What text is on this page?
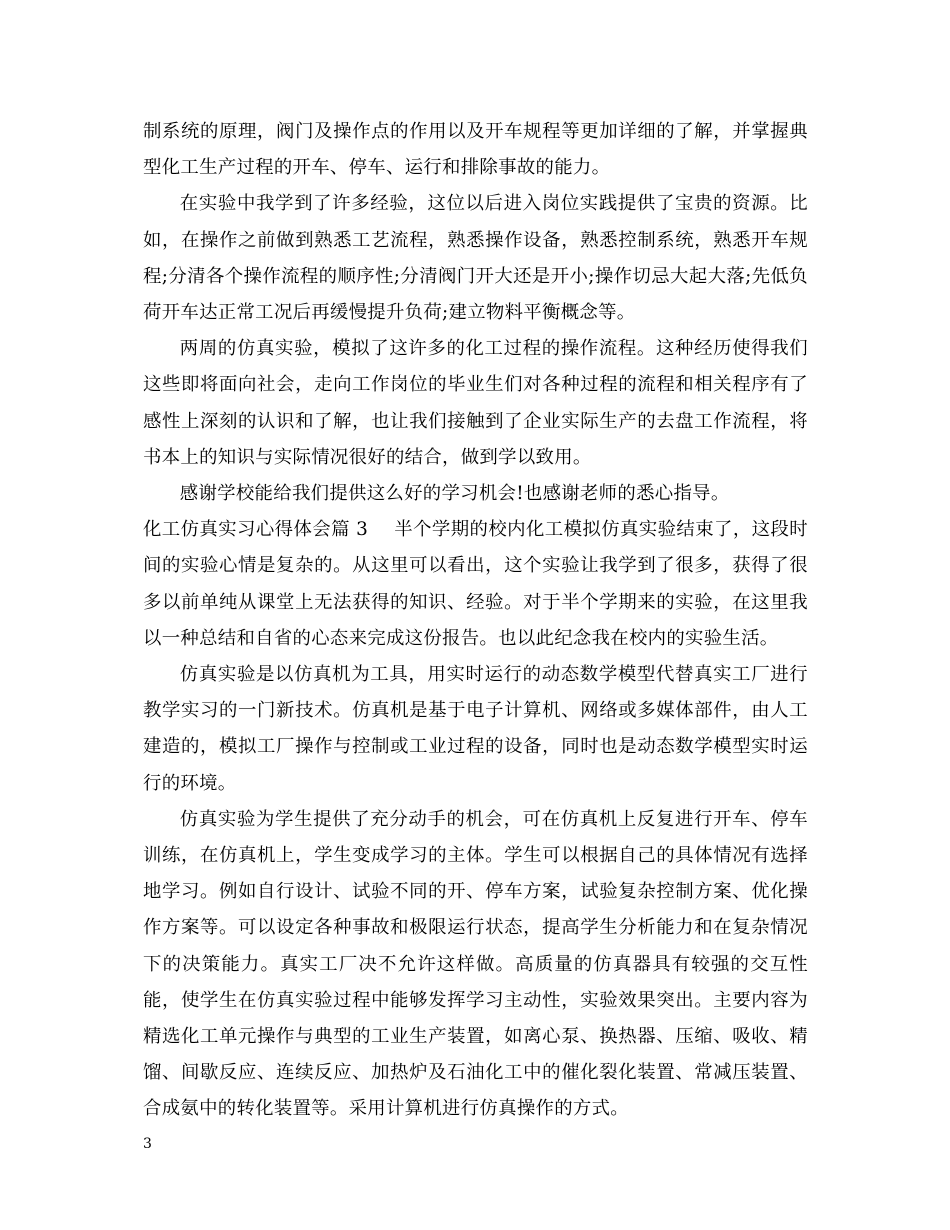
制系统的原理，阀门及操作点的作用以及开车规程等更加详细的了解，并掌握典型化工生产过程的开车、停车、运行和排除事故的能力。

在实验中我学到了许多经验，这位以后进入岗位实践提供了宝贵的资源。比如，在操作之前做到熟悉工艺流程，熟悉操作设备，熟悉控制系统，熟悉开车规程;分清各个操作流程的顺序性;分清阀门开大还是开小;操作切忌大起大落;先低负荷开车达正常工况后再缓慢提升负荷;建立物料平衡概念等。

两周的仿真实验，模拟了这许多的化工过程的操作流程。这种经历使得我们这些即将面向社会，走向工作岗位的毕业生们对各种过程的流程和相关程序有了感性上深刻的认识和了解，也让我们接触到了企业实际生产的去盘工作流程，将书本上的知识与实际情况很好的结合，做到学以致用。

感谢学校能给我们提供这么好的学习机会!也感谢老师的悉心指导。

化工仿真实习心得体会篇 3 半个学期的校内化工模拟仿真实验结束了，这段时间的实验心情是复杂的。从这里可以看出，这个实验让我学到了很多，获得了很多以前单纯从课堂上无法获得的知识、经验。对于半个学期来的实验，在这里我以一种总结和自省的心态来完成这份报告。也以此纪念我在校内的实验生活。

仿真实验是以仿真机为工具，用实时运行的动态数学模型代替真实工厂进行教学实习的一门新技术。仿真机是基于电子计算机、网络或多媒体部件，由人工建造的，模拟工厂操作与控制或工业过程的设备，同时也是动态数学模型实时运行的环境。

仿真实验为学生提供了充分动手的机会，可在仿真机上反复进行开车、停车训练，在仿真机上，学生变成学习的主体。学生可以根据自己的具体情况有选择地学习。例如自行设计、试验不同的开、停车方案，试验复杂控制方案、优化操作方案等。可以设定各种事故和极限运行状态，提高学生分析能力和在复杂情况下的决策能力。真实工厂决不允许这样做。高质量的仿真器具有较强的交互性能，使学生在仿真实验过程中能够发挥学习主动性，实验效果突出。主要内容为精选化工单元操作与典型的工业生产装置，如离心泵、换热器、压缩、吸收、精馏、间歇反应、连续反应、加热炉及石油化工中的催化裂化装置、常减压装置、合成氨中的转化装置等。采用计算机进行仿真操作的方式。

3
